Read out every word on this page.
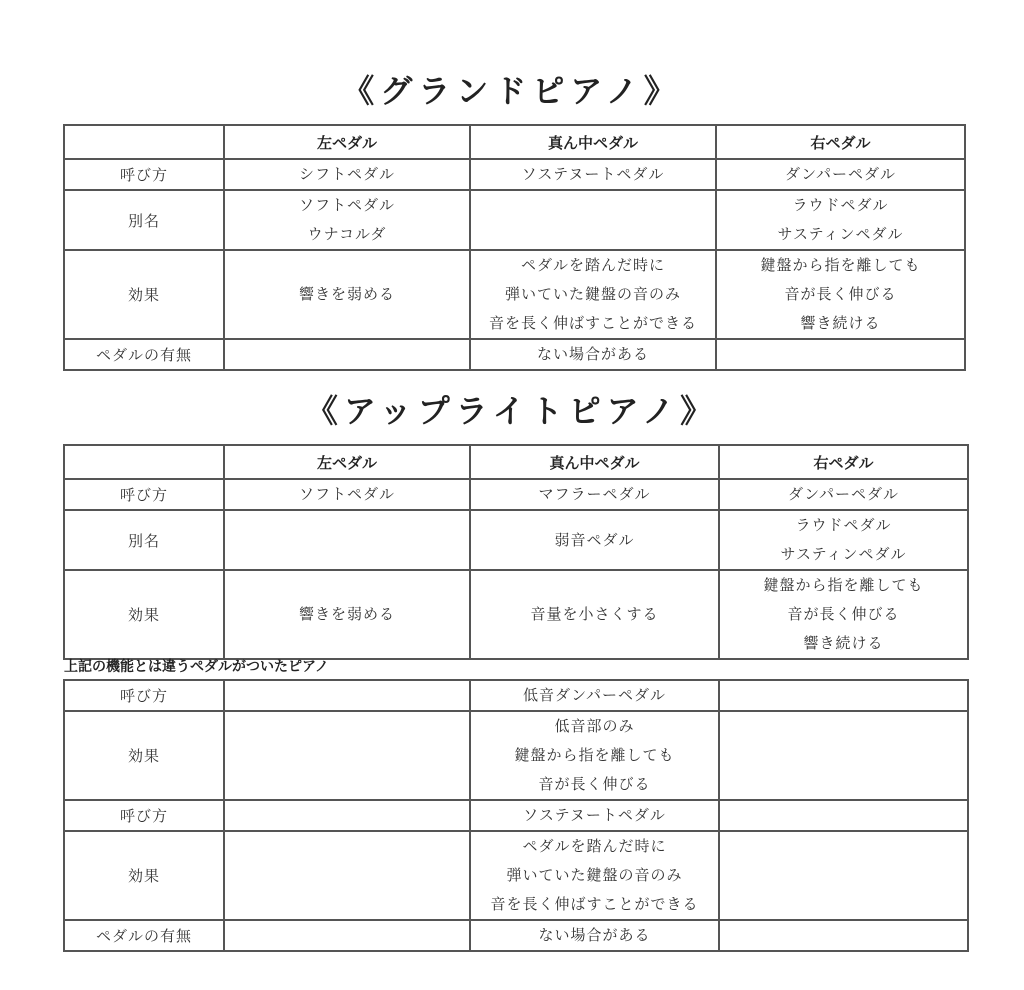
《グランドピアノ》
	左ペダル	真ん中ペダル	右ペダル
呼び方	シフトペダル	ソステヌートペダル	ダンパーペダル

別名	ソフトペダル
ウナコルダ		ラウドペダル
サスティンペダル

効果	響きを弱める	ペダルを踏んだ時に
弾いていた鍵盤の音のみ
音を長く伸ばすことができる	鍵盤から指を離しても
音が長く伸びる
響き続ける

ペダルの有無		ない場合がある	

《アップライトピアノ》
	左ペダル	真ん中ペダル	右ペダル
呼び方	ソフトペダル	マフラーペダル	ダンパーペダル

別名		弱音ペダル	ラウドペダル
サスティンペダル

効果	響きを弱める	音量を小さくする	鍵盤から指を離しても
音が長く伸びる
響き続ける

上記の機能とは違うペダルがついたピアノ

呼び方		低音ダンパーペダル	

効果		低音部のみ
鍵盤から指を離しても
音が長く伸びる	

呼び方		ソステヌートペダル	

効果		ペダルを踏んだ時に
弾いていた鍵盤の音のみ
音を長く伸ばすことができる	

ペダルの有無		ない場合がある	
